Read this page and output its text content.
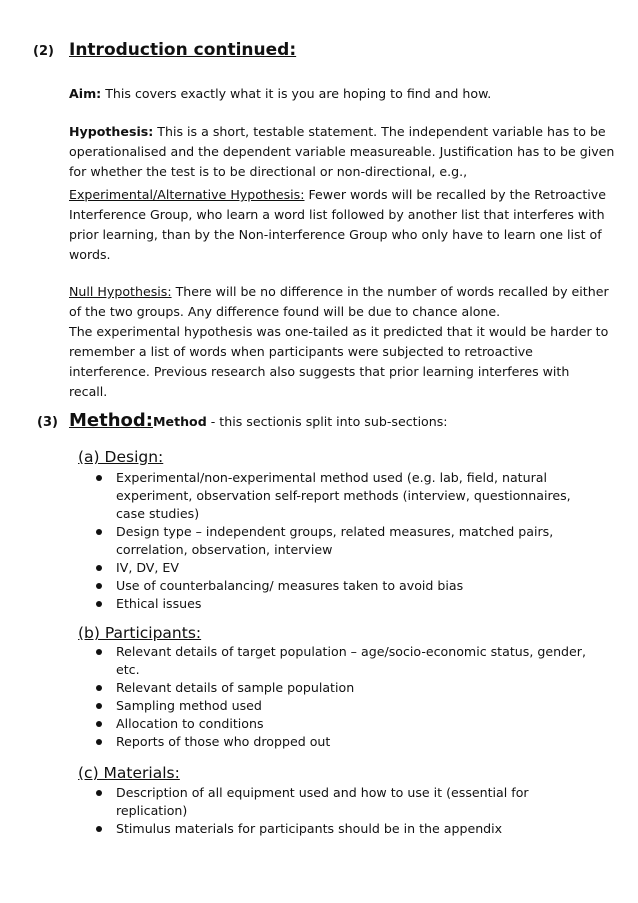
(2) Introduction continued:
Aim: This covers exactly what it is you are hoping to find and how.
Hypothesis: This is a short, testable statement. The independent variable has to be
operationalised and the dependent variable measureable. Justification has to be given
for whether the test is to be directional or non-directional, e.g.,
Experimental/Alternative Hypothesis: Fewer words will be recalled by the Retroactive
Interference Group, who learn a word list followed by another list that interferes with
prior learning, than by the Non-interference Group who only have to learn one list of
words.
Null Hypothesis: There will be no difference in the number of words recalled by either
of the two groups. Any difference found will be due to chance alone.
The experimental hypothesis was one-tailed as it predicted that it would be harder to
remember a list of words when participants were subjected to retroactive
interference. Previous research also suggests that prior learning interferes with
recall.
(3) Method: Method - this sectionis split into sub-sections:
(a) Design:
Experimental/non-experimental method used (e.g. lab, field, natural
experiment, observation self-report methods (interview, questionnaires,
case studies)
Design type – independent groups, related measures, matched pairs,
correlation, observation, interview
IV, DV, EV
Use of counterbalancing/ measures taken to avoid bias
Ethical issues
(b) Participants:
Relevant details of target population – age/socio-economic status, gender,
etc.
Relevant details of sample population
Sampling method used
Allocation to conditions
Reports of those who dropped out
(c) Materials:
Description of all equipment used and how to use it (essential for
replication)
Stimulus materials for participants should be in the appendix
